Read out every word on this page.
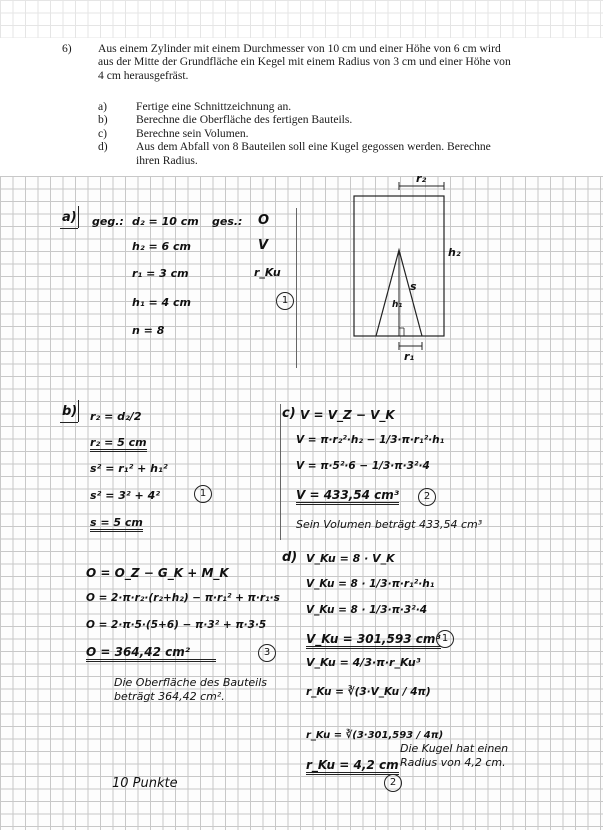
6) Aus einem Zylinder mit einem Durchmesser von 10 cm und einer Höhe von 6 cm wird aus der Mitte der Grundfläche ein Kegel mit einem Radius von 3 cm und einer Höhe von 4 cm herausgefräst.
a)	Fertige eine Schnittzeichnung an.
b)	Berechne die Oberfläche des fertigen Bauteils.
c)	Berechne sein Volumen.
d)	Aus dem Abfall von 8 Bauteilen soll eine Kugel gegossen werden. Berechne ihren Radius.
a) geg.: d₂ = 10 cm
h₂ = 6 cm
r₁ = 3 cm
h₁ = 4 cm
n = 8
ges.: O
V
r_Ku
1
r₂
h₂
s
h₁
r₁
b) r₂ = d₂/2
r₂ = 5 cm
s² = r₁² + h₁²
s² = 3² + 4²
s = 5 cm
1
O = O_Z − G_K + M_K
O = 2·π·r₂·(r₂+h₂) − π·r₁² + π·r₁·s
O = 2·π·5·(5+6) − π·3² + π·3·5
O = 364,42 cm²	3
Die Oberfläche des Bauteils
beträgt 364,42 cm².
c) V = V_Z − V_K
V = π·r₂²·h₂ − 1/3·π·r₁²·h₁
V = π·5²·6 − 1/3·π·3²·4
V = 433,54 cm³	2
Sein Volumen beträgt 433,54 cm³
d) V_Ku = 8 · V_K
V_Ku = 8 · 1/3·π·r₁²·h₁
V_Ku = 8 · 1/3·π·3²·4
V_Ku = 301,593 cm³ 1
V_Ku = 4/3·π·r_Ku³
r_Ku = ∛(3·V_Ku / 4π)
r_Ku = ∛(3·301,593 / 4π)
r_Ku = 4,2 cm
2
Die Kugel hat einen
Radius von 4,2 cm.
10 Punkte
